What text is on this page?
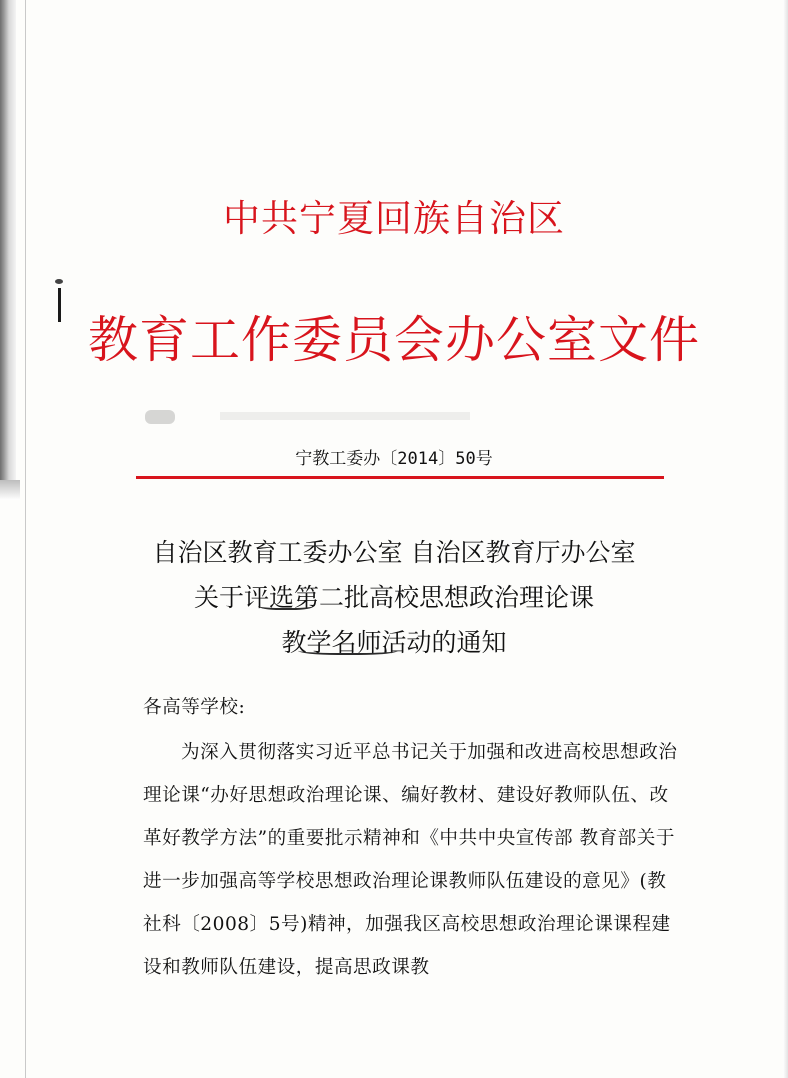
中共宁夏回族自治区
教育工作委员会办公室文件
宁教工委办〔2014〕50号
自治区教育工委办公室 自治区教育厅办公室
关于评选第二批高校思想政治理论课
教学名师活动的通知
各高等学校:

为深入贯彻落实习近平总书记关于加强和改进高校思想政治理论课“办好思想政治理论课、编好教材、建设好教师队伍、改革好教学方法”的重要批示精神和《中共中央宣传部 教育部关于进一步加强高等学校思想政治理论课教师队伍建设的意见》(教社科〔2008〕5号)精神，加强我区高校思想政治理论课课程建设和教师队伍建设，提高思政课教
